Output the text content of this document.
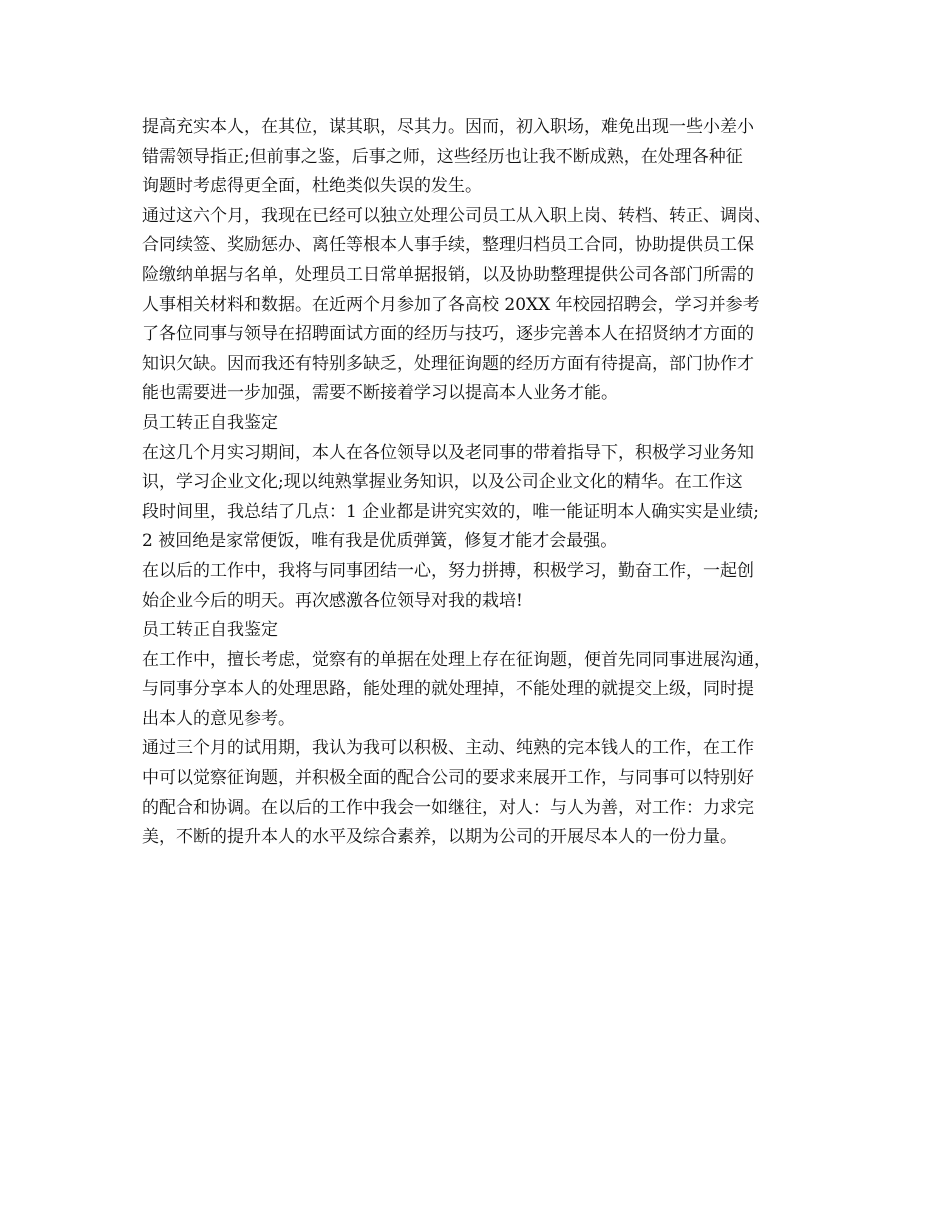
提高充实本人，在其位，谋其职，尽其力。因而，初入职场，难免出现一些小差小
错需领导指正;但前事之鉴，后事之师，这些经历也让我不断成熟，在处理各种征
询题时考虑得更全面，杜绝类似失误的发生。
通过这六个月，我现在已经可以独立处理公司员工从入职上岗、转档、转正、调岗、
合同续签、奖励惩办、离任等根本人事手续，整理归档员工合同，协助提供员工保
险缴纳单据与名单，处理员工日常单据报销，以及协助整理提供公司各部门所需的
人事相关材料和数据。在近两个月参加了各高校 20XX 年校园招聘会，学习并参考
了各位同事与领导在招聘面试方面的经历与技巧，逐步完善本人在招贤纳才方面的
知识欠缺。因而我还有特别多缺乏，处理征询题的经历方面有待提高，部门协作才
能也需要进一步加强，需要不断接着学习以提高本人业务才能。
员工转正自我鉴定
在这几个月实习期间，本人在各位领导以及老同事的带着指导下，积极学习业务知
识，学习企业文化;现以纯熟掌握业务知识，以及公司企业文化的精华。在工作这
段时间里，我总结了几点：1 企业都是讲究实效的，唯一能证明本人确实实是业绩;
2 被回绝是家常便饭，唯有我是优质弹簧，修复才能才会最强。
在以后的工作中，我将与同事团结一心，努力拼搏，积极学习，勤奋工作，一起创
始企业今后的明天。再次感激各位领导对我的栽培!
员工转正自我鉴定
在工作中，擅长考虑，觉察有的单据在处理上存在征询题，便首先同同事进展沟通，
与同事分享本人的处理思路，能处理的就处理掉，不能处理的就提交上级，同时提
出本人的意见参考。
通过三个月的试用期，我认为我可以积极、主动、纯熟的完本钱人的工作，在工作
中可以觉察征询题，并积极全面的配合公司的要求来展开工作，与同事可以特别好
的配合和协调。在以后的工作中我会一如继往，对人：与人为善，对工作：力求完
美，不断的提升本人的水平及综合素养，以期为公司的开展尽本人的一份力量。
